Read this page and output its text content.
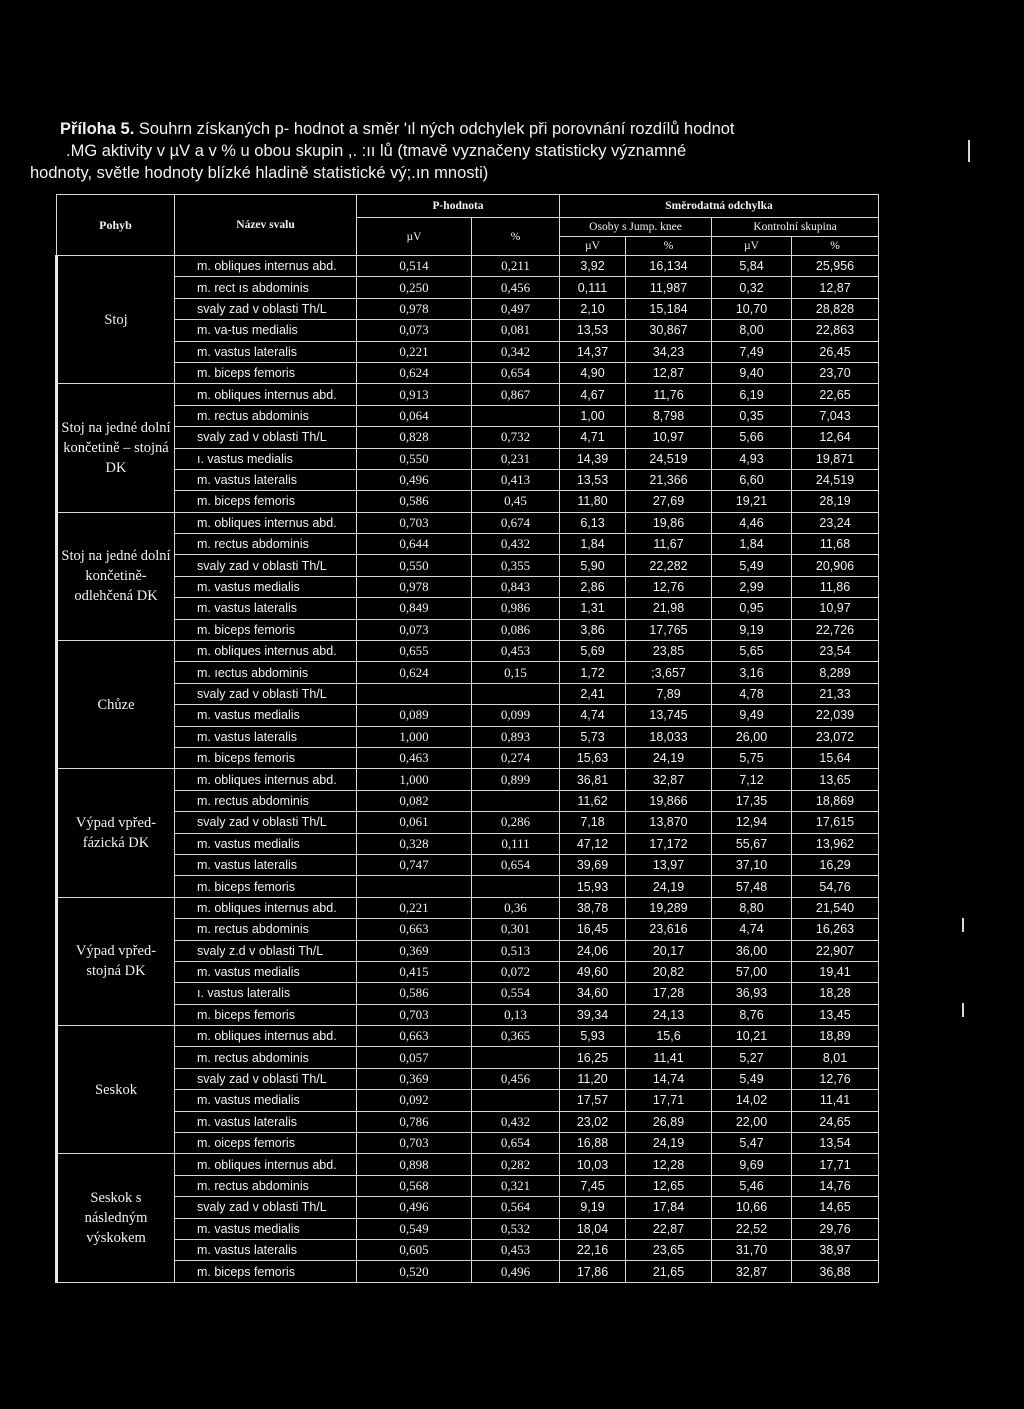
Příloha 5. Souhrn získaných p- hodnot a směr 'ıl ných odchylek při porovnání rozdílů hodnot
.MG aktivity v µV a v % u obou skupin ,. :ıı lů (tmavě vyznačeny statisticky významné
hodnoty, světle hodnoty blízké hladině statistické vý;.ın mnosti)
Pohyb	Název svalu	P-hodnota		Směrodatná odchylka			
		µV	%	Osoby s Jump. knee		Kontrolní skupina	
				µV	%	µV	%
Stoj	m. obliques internus abd.	0,514	0,211	3,92	16,134	5,84	25,956
	m. rect ıs abdominis	0,250	0,456	0,111	11,987	0,32	12,87
	svaly zad v oblasti Th/L	0,978	0,497	2,10	15,184	10,70	28,828
	m. va-tus medialis	0,073	0,081	13,53	30,867	8,00	22,863
	m. vastus lateralis	0,221	0,342	14,37	34,23	7,49	26,45
	m. biceps femoris	0,624	0,654	4,90	12,87	9,40	23,70
Stoj na jedné dolní končetině – stojná DK	m. obliques internus abd.	0,913	0,867	4,67	11,76	6,19	22,65
	m. rectus abdominis	0,064		1,00	8,798	0,35	7,043
	svaly zad v oblasti Th/L	0,828	0,732	4,71	10,97	5,66	12,64
	ı. vastus medialis	0,550	0,231	14,39	24,519	4,93	19,871
	m. vastus lateralis	0,496	0,413	13,53	21,366	6,60	24,519
	m. biceps femoris	0,586	0,45	11,80	27,69	19,21	28,19
Stoj na jedné dolní končetině- odlehčená DK	m. obliques internus abd.	0,703	0,674	6,13	19,86	4,46	23,24
	m. rectus abdominis	0,644	0,432	1,84	11,67	1,84	11,68
	svaly zad v oblasti Th/L	0,550	0,355	5,90	22,282	5,49	20,906
	m. vastus medialis	0,978	0,843	2,86	12,76	2,99	11,86
	m. vastus lateralis	0,849	0,986	1,31	21,98	0,95	10,97
	m. biceps femoris	0,073	0,086	3,86	17,765	9,19	22,726
Chůze	m. obliques internus abd.	0,655	0,453	5,69	23,85	5,65	23,54
	m. ıectus abdominis	0,624	0,15	1,72	;3,657	3,16	8,289
	svaly zad v oblasti Th/L			2,41	7,89	4,78	21,33
	m. vastus medialis	0,089	0,099	4,74	13,745	9,49	22,039
	m. vastus lateralis	1,000	0,893	5,73	18,033	26,00	23,072
	m. biceps femoris	0,463	0,274	15,63	24,19	5,75	15,64
Výpad vpřed- fázická DK	m. obliques internus abd.	1,000	0,899	36,81	32,87	7,12	13,65
	m. rectus abdominis	0,082		11,62	19,866	17,35	18,869
	svaly zad v oblasti Th/L	0,061	0,286	7,18	13,870	12,94	17,615
	m. vastus medialis	0,328	0,111	47,12	17,172	55,67	13,962
	m. vastus lateralis	0,747	0,654	39,69	13,97	37,10	16,29
	m. biceps femoris			15,93	24,19	57,48	54,76
Výpad vpřed- stojná DK	m. obliques internus abd.	0,221	0,36	38,78	19,289	8,80	21,540
	m. rectus abdominis	0,663	0,301	16,45	23,616	4,74	16,263
	svaly z.d v oblasti Th/L	0,369	0,513	24,06	20,17	36,00	22,907
	m. vastus medialis	0,415	0,072	49,60	20,82	57,00	19,41
	ı. vastus lateralis	0,586	0,554	34,60	17,28	36,93	18,28
	m. biceps femoris	0,703	0,13	39,34	24,13	8,76	13,45
Seskok	m. obliques internus abd.	0,663	0,365	5,93	15,6	10,21	18,89
	m. rectus abdominis	0,057		16,25	11,41	5,27	8,01
	svaly zad v oblasti Th/L	0,369	0,456	11,20	14,74	5,49	12,76
	m. vastus medialis	0,092		17,57	17,71	14,02	11,41
	m. vastus lateralis	0,786	0,432	23,02	26,89	22,00	24,65
	m. oiceps femoris	0,703	0,654	16,88	24,19	5,47	13,54
Seskok s následným výskokem	m. obliques internus abd.	0,898	0,282	10,03	12,28	9,69	17,71
	m. rectus abdominis	0,568	0,321	7,45	12,65	5,46	14,76
	svaly zad v oblasti Th/L	0,496	0,564	9,19	17,84	10,66	14,65
	m. vastus medialis	0,549	0,532	18,04	22,87	22,52	29,76
	m. vastus lateralis	0,605	0,453	22,16	23,65	31,70	38,97
	m. biceps femoris	0,520	0,496	17,86	21,65	32,87	36,88
